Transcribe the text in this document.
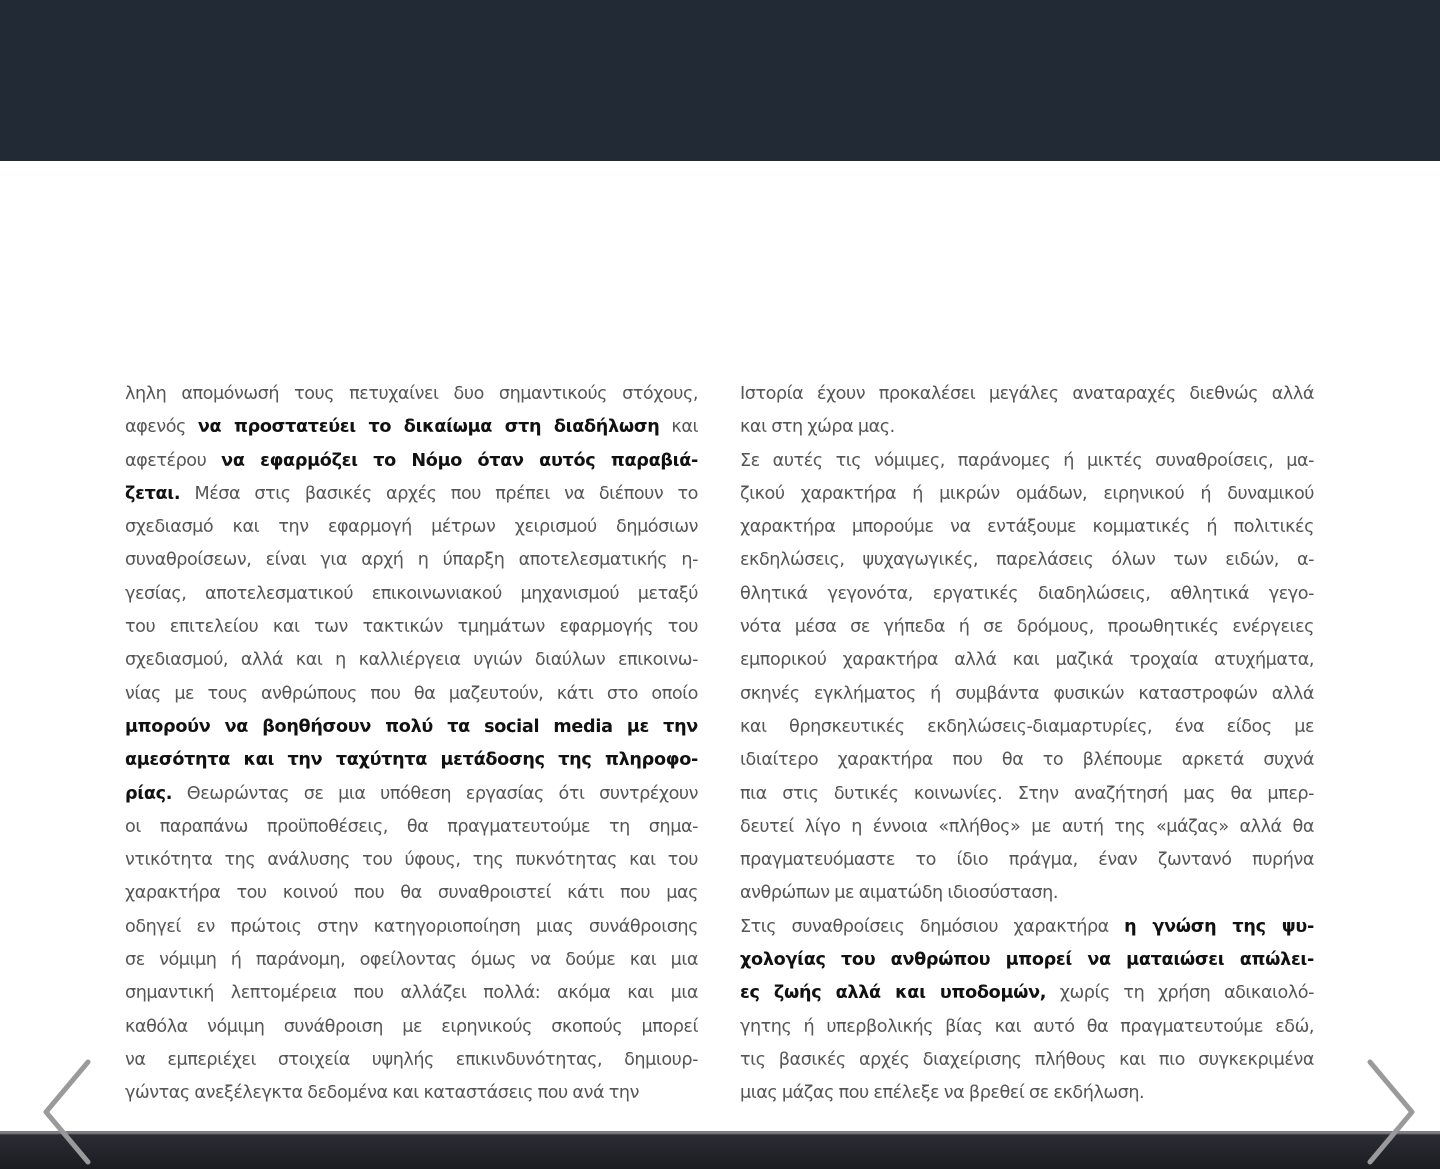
ληλη απομόνωσή τους πετυχαίνει δυο σημαντικούς στόχους,
αφενός να προστατεύει το δικαίωμα στη διαδήλωση και
αφετέρου να εφαρμόζει το Νόμο όταν αυτός παραβιά-
ζεται. Μέσα στις βασικές αρχές που πρέπει να διέπουν το
σχεδιασμό και την εφαρμογή μέτρων χειρισμού δημόσιων
συναθροίσεων, είναι για αρχή η ύπαρξη αποτελεσματικής η-
γεσίας, αποτελεσματικού επικοινωνιακού μηχανισμού μεταξύ
του επιτελείου και των τακτικών τμημάτων εφαρμογής του
σχεδιασμού, αλλά και η καλλιέργεια υγιών διαύλων επικοινω-
νίας με τους ανθρώπους που θα μαζευτούν, κάτι στο οποίο
μπορούν να βοηθήσουν πολύ τα social media με την
αμεσότητα και την ταχύτητα μετάδοσης της πληροφο-
ρίας. Θεωρώντας σε μια υπόθεση εργασίας ότι συντρέχουν
οι παραπάνω προϋποθέσεις, θα πραγματευτούμε τη σημα-
ντικότητα της ανάλυσης του ύφους, της πυκνότητας και του
χαρακτήρα του κοινού που θα συναθροιστεί κάτι που μας
οδηγεί εν πρώτοις στην κατηγοριοποίηση μιας συνάθροισης
σε νόμιμη ή παράνομη, οφείλοντας όμως να δούμε και μια
σημαντική λεπτομέρεια που αλλάζει πολλά: ακόμα και μια
καθόλα νόμιμη συνάθροιση με ειρηνικούς σκοπούς μπορεί
να εμπεριέχει στοιχεία υψηλής επικινδυνότητας, δημιουρ-
γώντας ανεξέλεγκτα δεδομένα και καταστάσεις που ανά την
Ιστορία έχουν προκαλέσει μεγάλες αναταραχές διεθνώς αλλά
και στη χώρα μας.
Σε αυτές τις νόμιμες, παράνομες ή μικτές συναθροίσεις, μα-
ζικού χαρακτήρα ή μικρών ομάδων, ειρηνικού ή δυναμικού
χαρακτήρα μπορούμε να εντάξουμε κομματικές ή πολιτικές
εκδηλώσεις, ψυχαγωγικές, παρελάσεις όλων των ειδών, α-
θλητικά γεγονότα, εργατικές διαδηλώσεις, αθλητικά γεγο-
νότα μέσα σε γήπεδα ή σε δρόμους, προωθητικές ενέργειες
εμπορικού χαρακτήρα αλλά και μαζικά τροχαία ατυχήματα,
σκηνές εγκλήματος ή συμβάντα φυσικών καταστροφών αλλά
και θρησκευτικές εκδηλώσεις-διαμαρτυρίες, ένα είδος με
ιδιαίτερο χαρακτήρα που θα το βλέπουμε αρκετά συχνά
πια στις δυτικές κοινωνίες. Στην αναζήτησή μας θα μπερ-
δευτεί λίγο η έννοια «πλήθος» με αυτή της «μάζας» αλλά θα
πραγματευόμαστε το ίδιο πράγμα, έναν ζωντανό πυρήνα
ανθρώπων με αιματώδη ιδιοσύσταση.
Στις συναθροίσεις δημόσιου χαρακτήρα η γνώση της ψυ-
χολογίας του ανθρώπου μπορεί να ματαιώσει απώλει-
ες ζωής αλλά και υποδομών, χωρίς τη χρήση αδικαιολό-
γητης ή υπερβολικής βίας και αυτό θα πραγματευτούμε εδώ,
τις βασικές αρχές διαχείρισης πλήθους και πιο συγκεκριμένα
μιας μάζας που επέλεξε να βρεθεί σε εκδήλωση.
